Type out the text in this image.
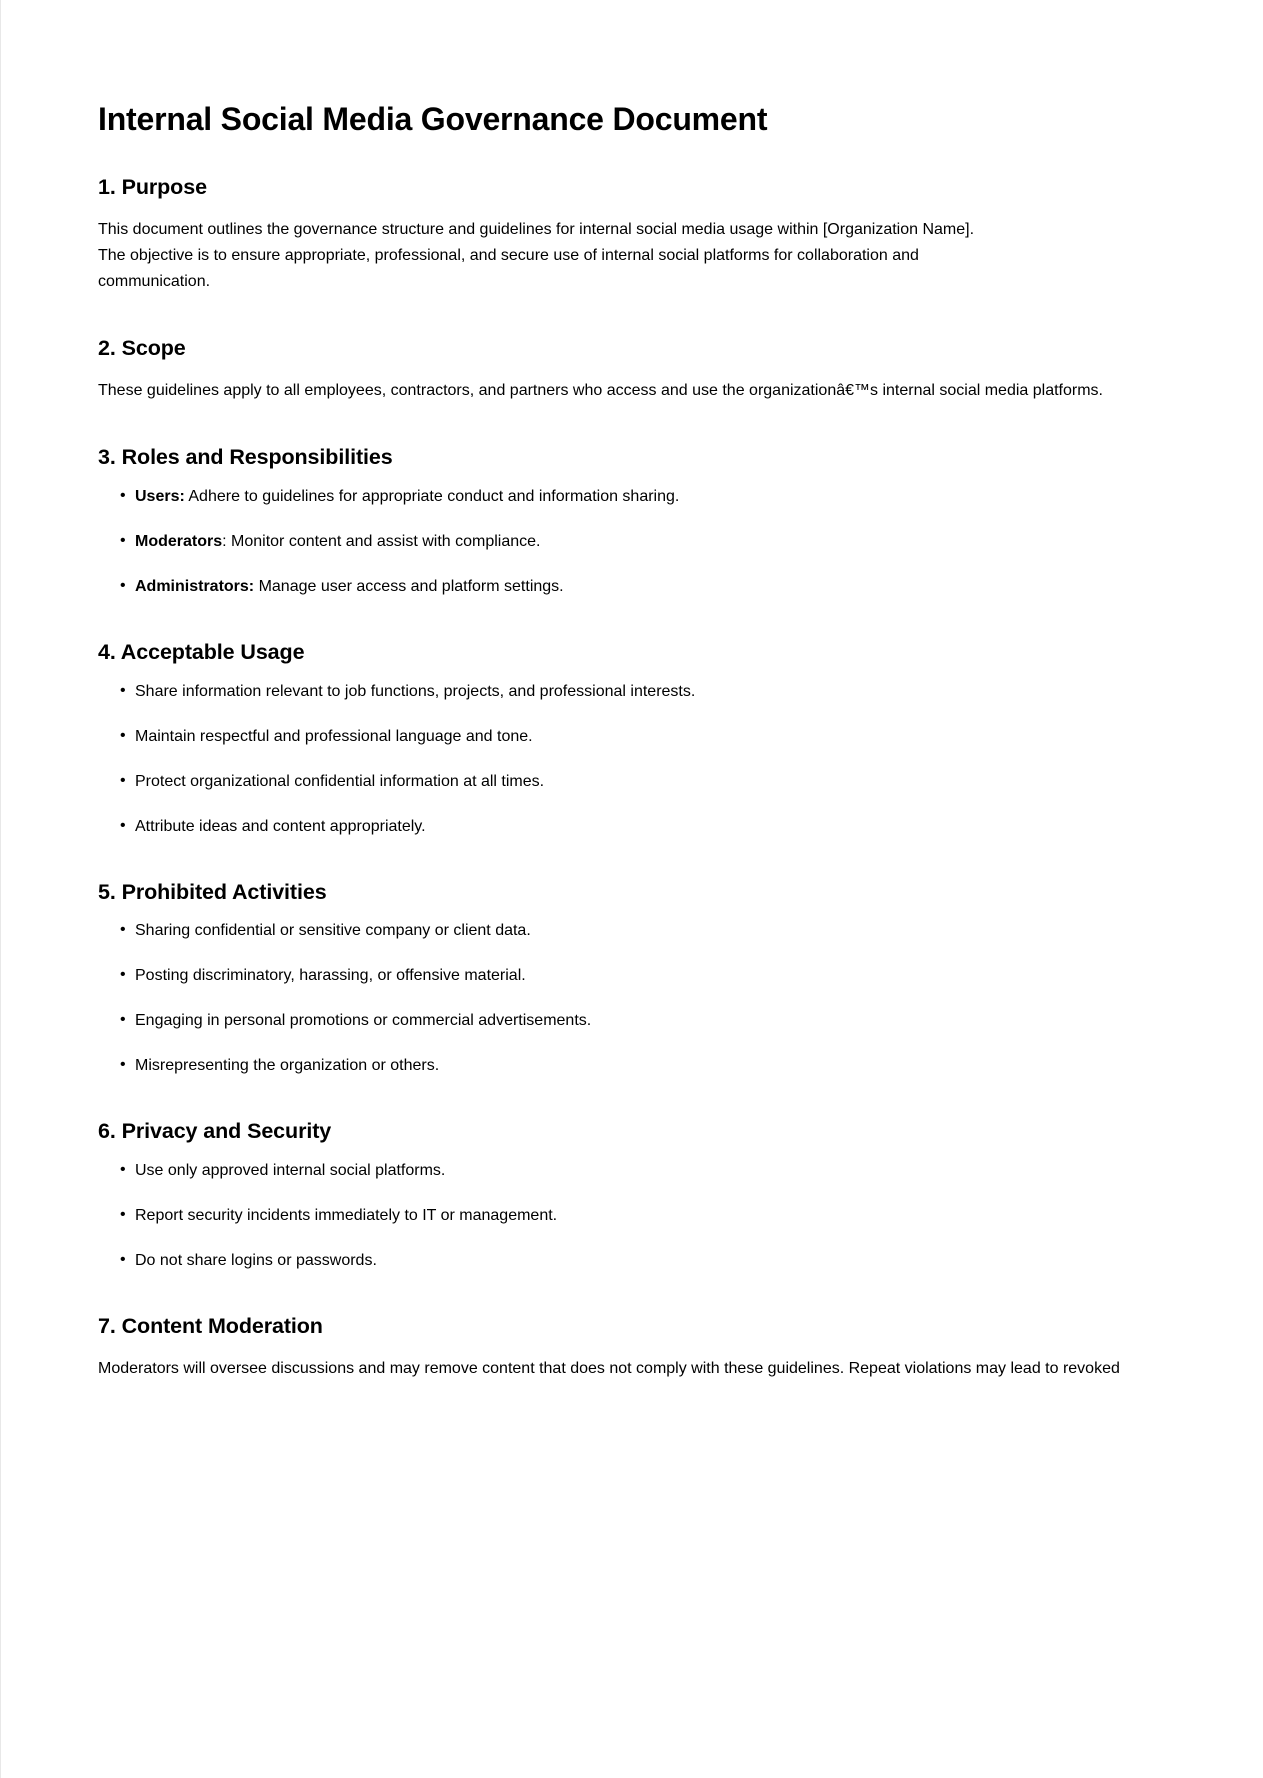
Internal Social Media Governance Document
1. Purpose

This document outlines the governance structure and guidelines for internal social media usage within [Organization Name]. The objective is to ensure appropriate, professional, and secure use of internal social platforms for collaboration and communication.

2. Scope

These guidelines apply to all employees, contractors, and partners who access and use the organizationâ€™s internal social media platforms.

3. Roles and Responsibilities
• Users: Adhere to guidelines for appropriate conduct and information sharing.
• Moderators: Monitor content and assist with compliance.
• Administrators: Manage user access and platform settings.
4. Acceptable Usage
• Share information relevant to job functions, projects, and professional interests.
• Maintain respectful and professional language and tone.
• Protect organizational confidential information at all times.
• Attribute ideas and content appropriately.
5. Prohibited Activities
• Sharing confidential or sensitive company or client data.
• Posting discriminatory, harassing, or offensive material.
• Engaging in personal promotions or commercial advertisements.
• Misrepresenting the organization or others.
6. Privacy and Security
• Use only approved internal social platforms.
• Report security incidents immediately to IT or management.
• Do not share logins or passwords.
7. Content Moderation

Moderators will oversee discussions and may remove content that does not comply with these guidelines. Repeat violations may lead to revoked
